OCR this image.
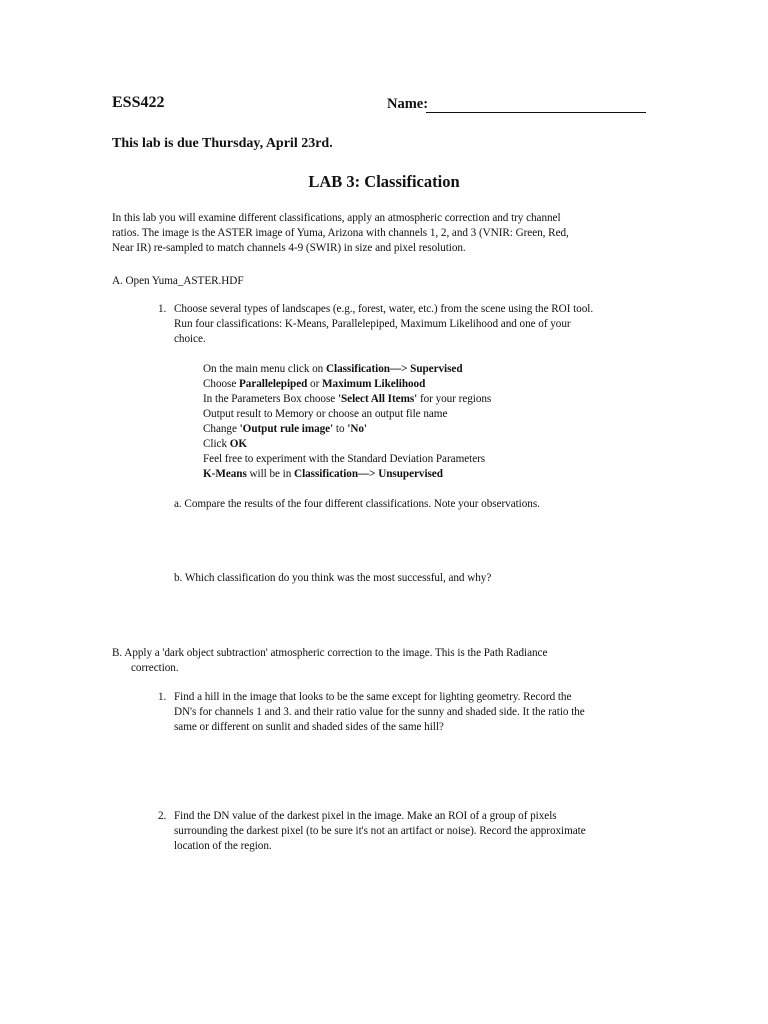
ESS422	Name:
This lab is due Thursday, April 23rd.
LAB 3: Classification
In this lab you will examine different classifications, apply an atmospheric correction and try channel
ratios. The image is the ASTER image of Yuma, Arizona with channels 1, 2, and 3 (VNIR: Green, Red,
Near IR) re-sampled to match channels 4-9 (SWIR) in size and pixel resolution.
A. Open Yuma_ASTER.HDF
1. Choose several types of landscapes (e.g., forest, water, etc.) from the scene using the ROI tool.
Run four classifications: K-Means, Parallelepiped, Maximum Likelihood and one of your
choice.
On the main menu click on Classification—> Supervised
Choose Parallelepiped or Maximum Likelihood
In the Parameters Box choose 'Select All Items' for your regions
Output result to Memory or choose an output file name
Change 'Output rule image' to 'No'
Click OK
Feel free to experiment with the Standard Deviation Parameters
K-Means will be in Classification—> Unsupervised
a. Compare the results of the four different classifications. Note your observations.
b. Which classification do you think was the most successful, and why?
B. Apply a 'dark object subtraction' atmospheric correction to the image. This is the Path Radiance
correction.
1. Find a hill in the image that looks to be the same except for lighting geometry. Record the
DN's for channels 1 and 3. and their ratio value for the sunny and shaded side. It the ratio the
same or different on sunlit and shaded sides of the same hill?
2. Find the DN value of the darkest pixel in the image. Make an ROI of a group of pixels
surrounding the darkest pixel (to be sure it's not an artifact or noise). Record the approximate
location of the region.
